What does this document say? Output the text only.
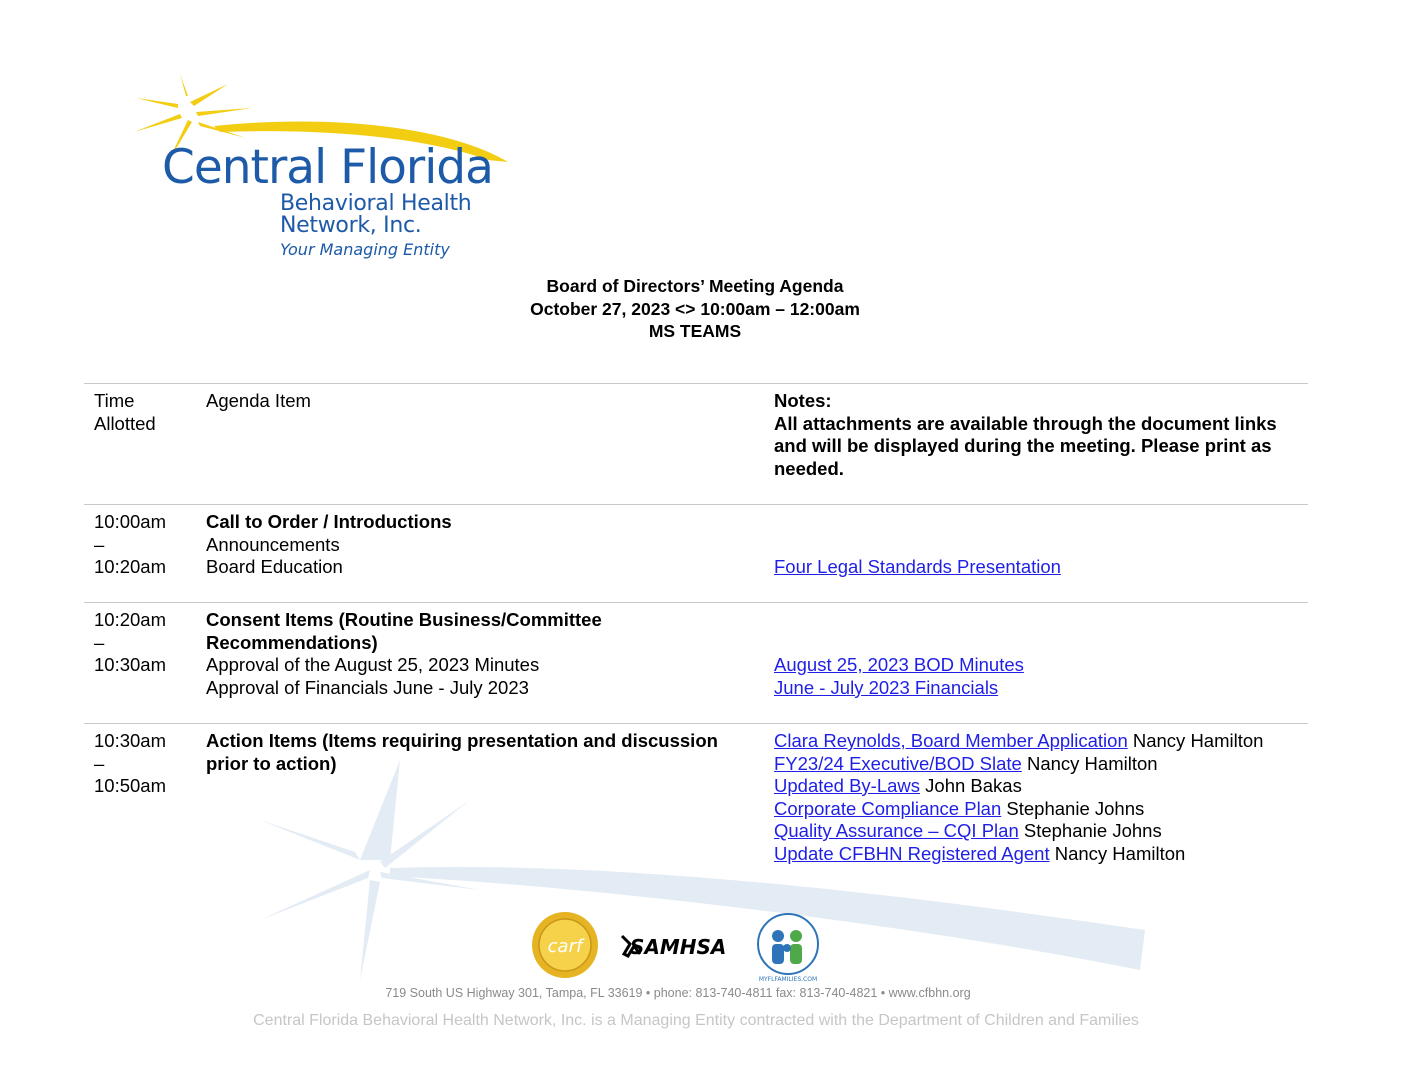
Central Florida
Behavioral Health
Network, Inc.
Your Managing Entity
Board of Directors’ Meeting Agenda
October 27, 2023 <> 10:00am – 12:00am
MS TEAMS
Time
Allotted
Agenda Item	Notes:
All attachments are available through the document links and will be displayed during the meeting. Please print as needed.
10:00am
–
10:20am
Call to Order / Introductions
Announcements
Board Education

	Four Legal Standards Presentation
10:20am
–
10:30am
Consent Items (Routine Business/Committee Recommendations)
Approval of the August 25, 2023 Minutes
Approval of Financials June - July 2023

August 25, 2023 BOD Minutes
June - July 2023 Financials
10:30am
–
10:50am
Action Items (Items requiring presentation and discussion prior to action)
Clara Reynolds, Board Member Application Nancy Hamilton
FY23/24 Executive/BOD Slate Nancy Hamilton
Updated By-Laws John Bakas
Corporate Compliance Plan Stephanie Johns
Quality Assurance – CQI Plan Stephanie Johns
Update CFBHN Registered Agent Nancy Hamilton
carf SAMHSA
MYFLFAMILIES.COM
719 South US Highway 301, Tampa, FL 33619 • phone: 813-740-4811 fax: 813-740-4821 • www.cfbhn.org
Central Florida Behavioral Health Network, Inc. is a Managing Entity contracted with the Department of Children and Families
